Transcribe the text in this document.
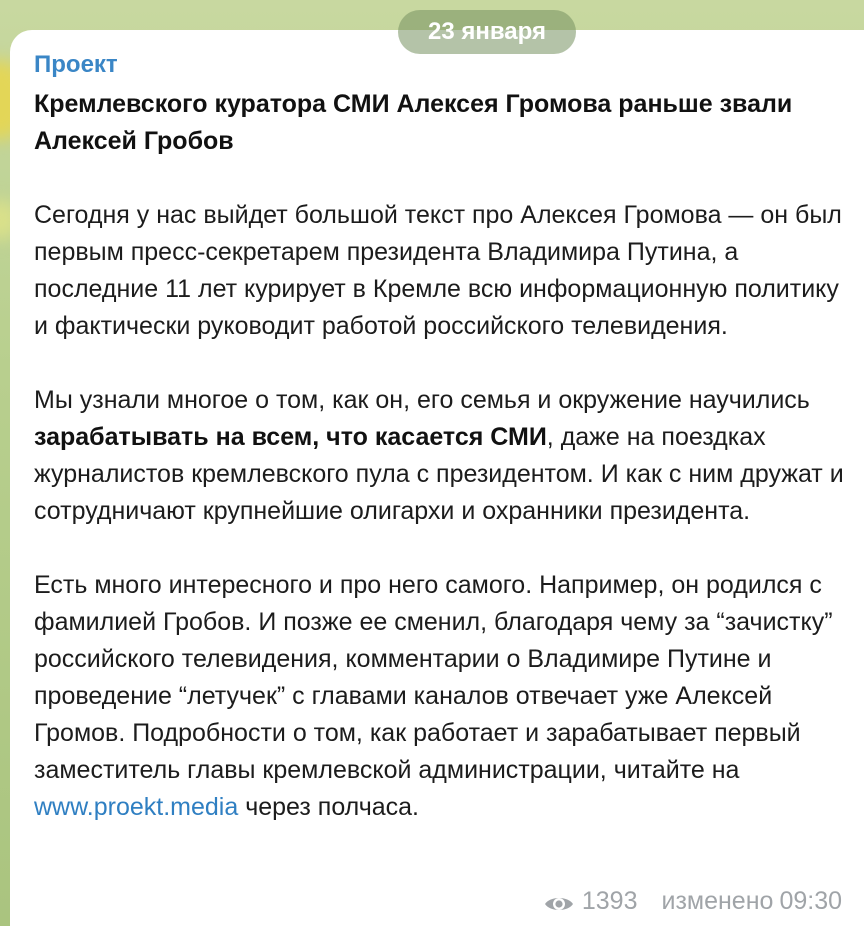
23 января
Проект
Кремлевского куратора СМИ Алексея Громова раньше звали Алексей Гробов
Сегодня у нас выйдет большой текст про Алексея Громова — он был первым пресс-секретарем президента Владимира Путина, а последние 11 лет курирует в Кремле всю информационную политику и фактически руководит работой российского телевидения.
Мы узнали многое о том, как он, его семья и окружение научились зарабатывать на всем, что касается СМИ, даже на поездках журналистов кремлевского пула с президентом. И как с ним дружат и сотрудничают крупнейшие олигархи и охранники президента.
Есть много интересного и про него самого. Например, он родился с фамилией Гробов. И позже ее сменил, благодаря чему за “зачистку” российского телевидения, комментарии о Владимире Путине и проведение “летучек” с главами каналов отвечает уже Алексей Громов. Подробности о том, как работает и зарабатывает первый заместитель главы кремлевской администрации, читайте на www.proekt.media через полчаса.
1393 изменено 09:30
